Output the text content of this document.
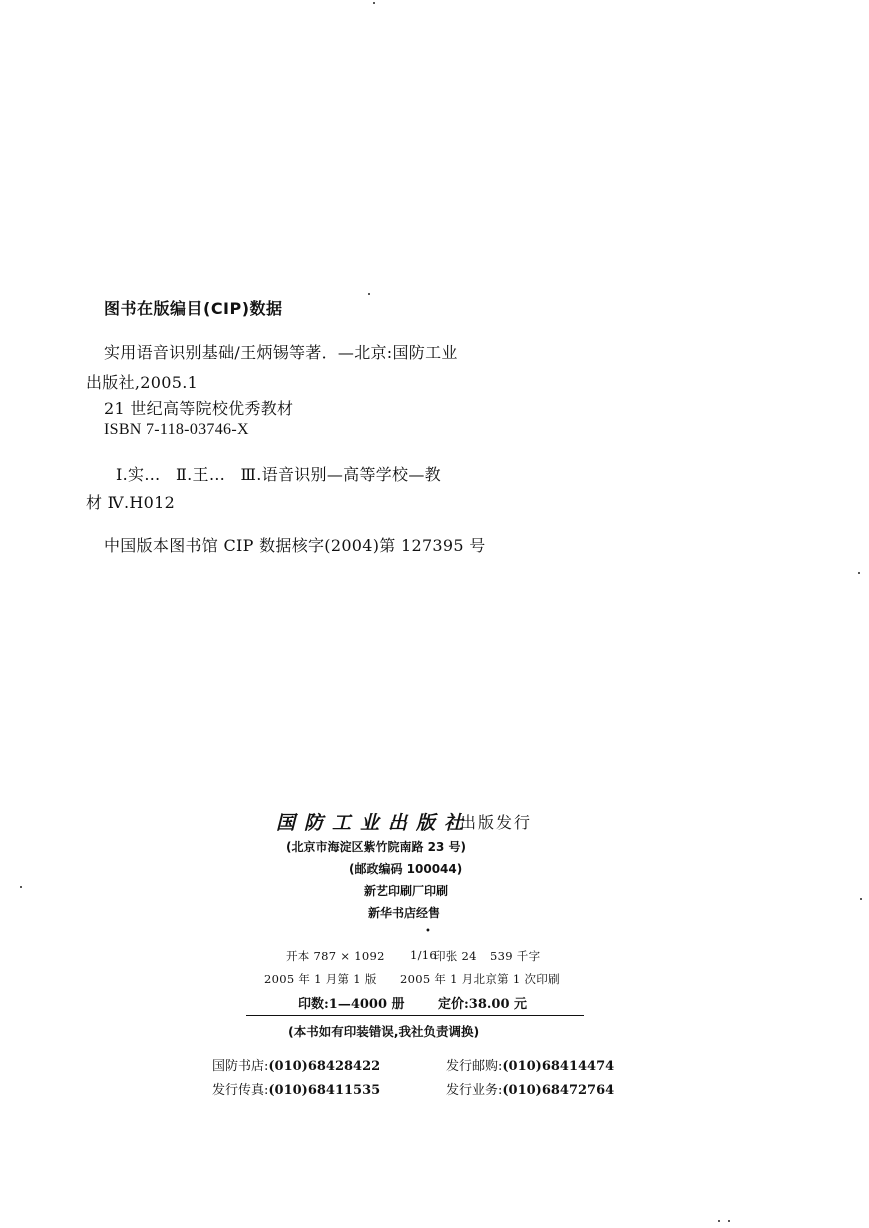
图书在版编目(CIP)数据
实用语音识别基础/王炳锡等著．—北京:国防工业
出版社,2005.1
21 世纪高等院校优秀教材
ISBN 7-118-03746-X
Ⅰ.实… Ⅱ.王… Ⅲ.语音识别—高等学校—教
材 Ⅳ.H012
中国版本图书馆 CIP 数据核字(2004)第 127395 号
国防工业出版社
出版发行
(北京市海淀区紫竹院南路 23 号)
(邮政编码 100044)
新艺印刷厂印刷
新华书店经售
•
开本 787 × 1092 1/16
印张 24 539 千字
2005 年 1 月第 1 版 2005 年 1 月北京第 1 次印刷
印数:1—4000 册	定价:38.00 元
(本书如有印装错误,我社负责调换)
国防书店:(010)68428422	发行邮购:(010)68414474
发行传真:(010)68411535	发行业务:(010)68472764
